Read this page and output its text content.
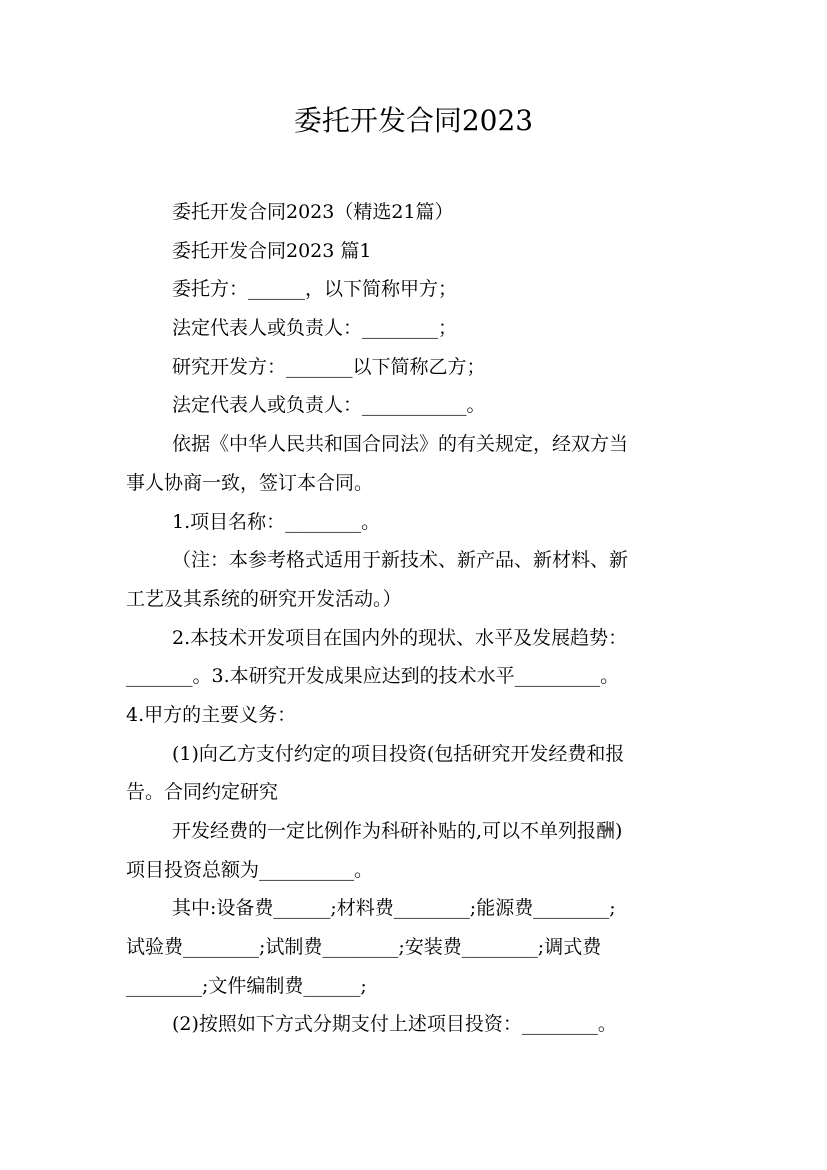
委托开发合同2023
委托开发合同2023（精选21篇）
委托开发合同2023 篇1
委托方：______，以下简称甲方；
法定代表人或负责人：________；
研究开发方：_______以下简称乙方；
法定代表人或负责人：___________。
依据《中华人民共和国合同法》的有关规定，经双方当
事人协商一致，签订本合同。
1.项目名称：________。
（注：本参考格式适用于新技术、新产品、新材料、新
工艺及其系统的研究开发活动。）
2.本技术开发项目在国内外的现状、水平及发展趋势：
_______。3.本研究开发成果应达到的技术水平_________。
4.甲方的主要义务：
(1)向乙方支付约定的项目投资(包括研究开发经费和报
告。合同约定研究
开发经费的一定比例作为科研补贴的,可以不单列报酬)
项目投资总额为__________。
其中:设备费______;材料费________;能源费________;
试验费________;试制费________;安装费________;调式费
________;文件编制费______;
(2)按照如下方式分期支付上述项目投资：________。
